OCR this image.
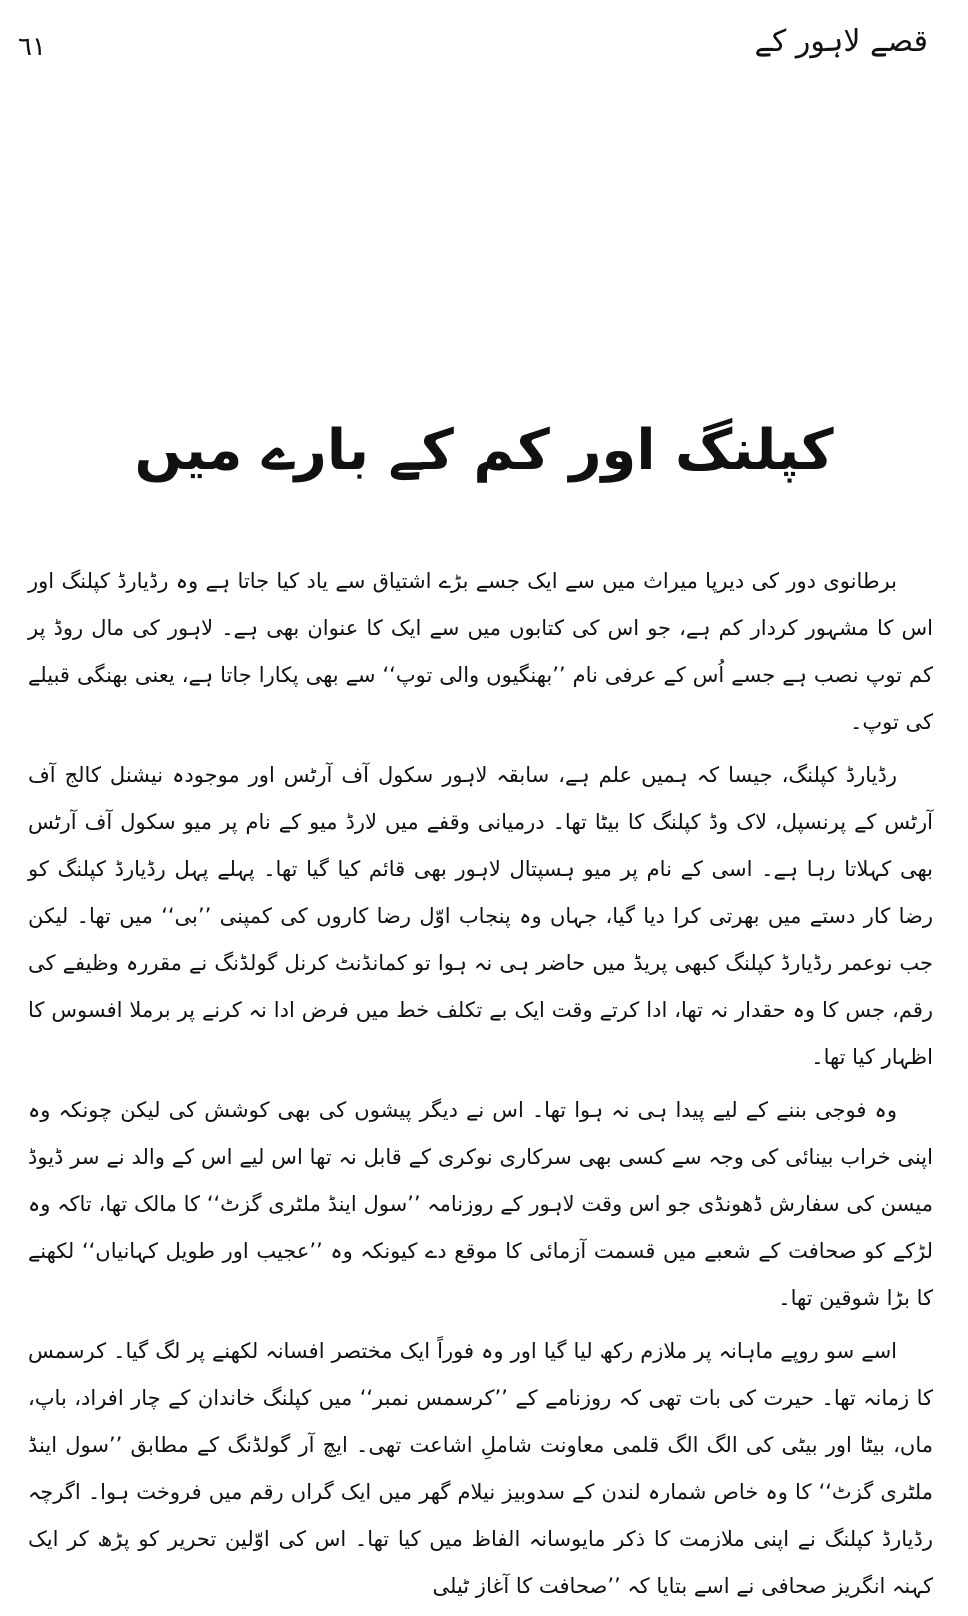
قصے لاہور کے
٦١
کپلنگ اور کم کے بارے میں

برطانوی دور کی دیرپا میراث میں سے ایک جسے بڑے اشتیاق سے یاد کیا جاتا ہے وہ رڈیارڈ کپلنگ اور اس کا مشہور کردار کم ہے، جو اس کی کتابوں میں سے ایک کا عنوان بھی ہے۔ لاہور کی مال روڈ پر کم توپ نصب ہے جسے اُس کے عرفی نام ’’بھنگیوں والی توپ‘‘ سے بھی پکارا جاتا ہے، یعنی بھنگی قبیلے کی توپ۔

رڈیارڈ کپلنگ، جیسا کہ ہمیں علم ہے، سابقہ لاہور سکول آف آرٹس اور موجودہ نیشنل کالج آف آرٹس کے پرنسپل، لاک وڈ کپلنگ کا بیٹا تھا۔ درمیانی وقفے میں لارڈ میو کے نام پر میو سکول آف آرٹس بھی کہلاتا رہا ہے۔ اسی کے نام پر میو ہسپتال لاہور بھی قائم کیا گیا تھا۔ پہلے پہل رڈیارڈ کپلنگ کو رضا کار دستے میں بھرتی کرا دیا گیا، جہاں وہ پنجاب اوّل رضا کاروں کی کمپنی ’’بی‘‘ میں تھا۔ لیکن جب نوعمر رڈیارڈ کپلنگ کبھی پریڈ میں حاضر ہی نہ ہوا تو کمانڈنٹ کرنل گولڈنگ نے مقررہ وظیفے کی رقم، جس کا وہ حقدار نہ تھا، ادا کرتے وقت ایک بے تکلف خط میں فرض ادا نہ کرنے پر برملا افسوس کا اظہار کیا تھا۔

وہ فوجی بننے کے لیے پیدا ہی نہ ہوا تھا۔ اس نے دیگر پیشوں کی بھی کوشش کی لیکن چونکہ وہ اپنی خراب بینائی کی وجہ سے کسی بھی سرکاری نوکری کے قابل نہ تھا اس لیے اس کے والد نے سر ڈیوڈ میسن کی سفارش ڈھونڈی جو اس وقت لاہور کے روزنامہ ’’سول اینڈ ملٹری گزٹ‘‘ کا مالک تھا، تاکہ وہ لڑکے کو صحافت کے شعبے میں قسمت آزمائی کا موقع دے کیونکہ وہ ’’عجیب اور طویل کہانیاں‘‘ لکھنے کا بڑا شوقین تھا۔

اسے سو روپے ماہانہ پر ملازم رکھ لیا گیا اور وہ فوراً ایک مختصر افسانہ لکھنے پر لگ گیا۔ کرسمس کا زمانہ تھا۔ حیرت کی بات تھی کہ روزنامے کے ’’کرسمس نمبر‘‘ میں کپلنگ خاندان کے چار افراد، باپ، ماں، بیٹا اور بیٹی کی الگ الگ قلمی معاونت شاملِ اشاعت تھی۔ ایچ آر گولڈنگ کے مطابق ’’سول اینڈ ملٹری گزٹ‘‘ کا وہ خاص شمارہ لندن کے سدوبیز نیلام گھر میں ایک گراں رقم میں فروخت ہوا۔ اگرچہ رڈیارڈ کپلنگ نے اپنی ملازمت کا ذکر مایوسانہ الفاظ میں کیا تھا۔ اس کی اوّلین تحریر کو پڑھ کر ایک کہنہ انگریز صحافی نے اسے بتایا کہ ’’صحافت کا آغاز ٹیلی
